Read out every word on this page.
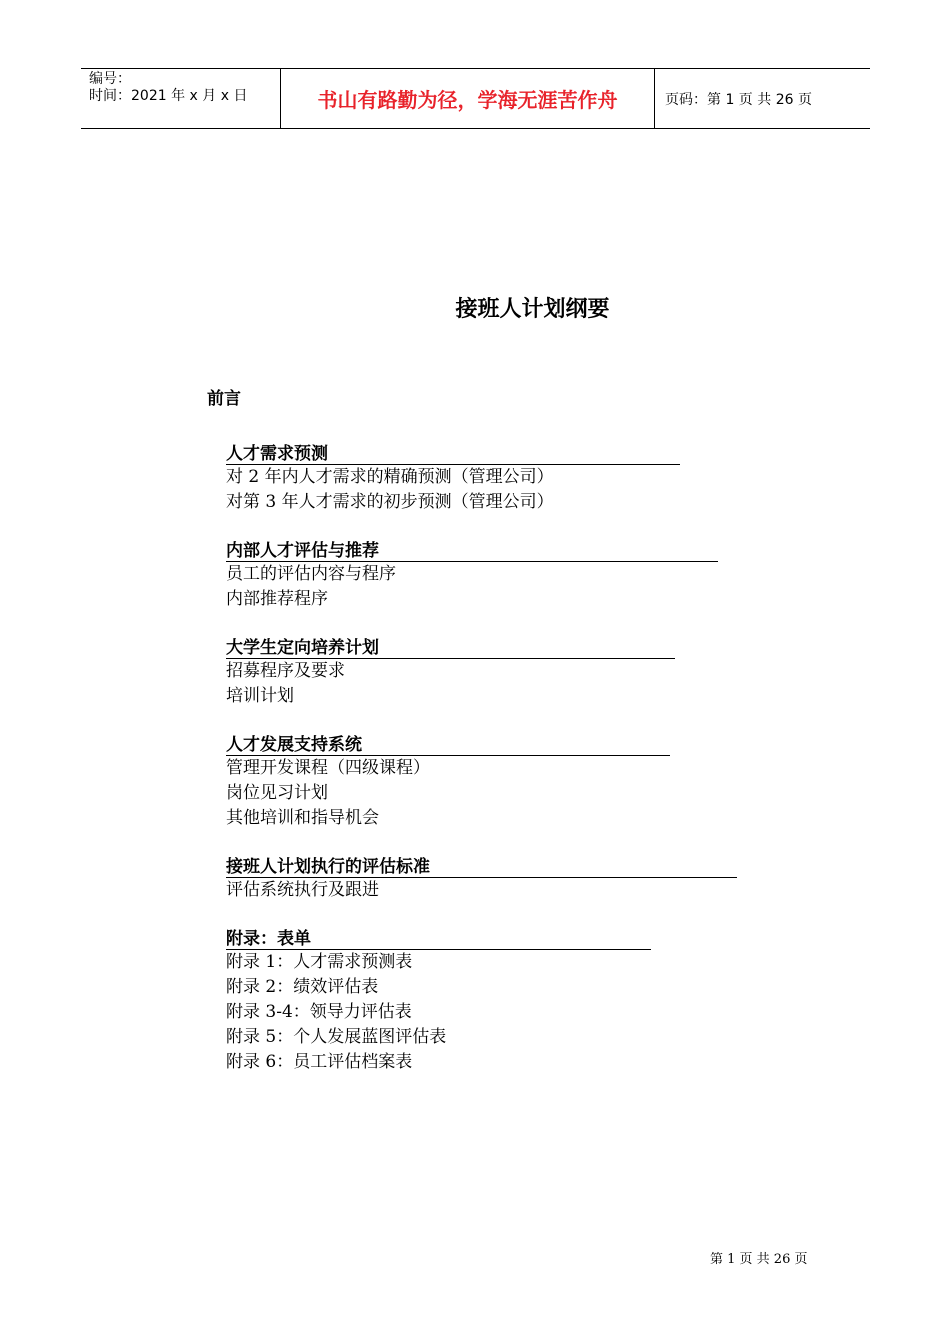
编号：
时间：2021 年 x 月 x 日	书山有路勤为径，学海无涯苦作舟	页码：第 1 页 共 26 页
接班人计划纲要
前言
人才需求预测
对 2 年内人才需求的精确预测（管理公司）
对第 3 年人才需求的初步预测（管理公司）
内部人才评估与推荐
员工的评估内容与程序
内部推荐程序
大学生定向培养计划
招募程序及要求
培训计划
人才发展支持系统
管理开发课程（四级课程）
岗位见习计划
其他培训和指导机会
接班人计划执行的评估标准
评估系统执行及跟进
附录：表单
附录 1：人才需求预测表
附录 2：绩效评估表
附录 3-4：领导力评估表
附录 5：个人发展蓝图评估表
附录 6：员工评估档案表
第 1 页 共 26 页
